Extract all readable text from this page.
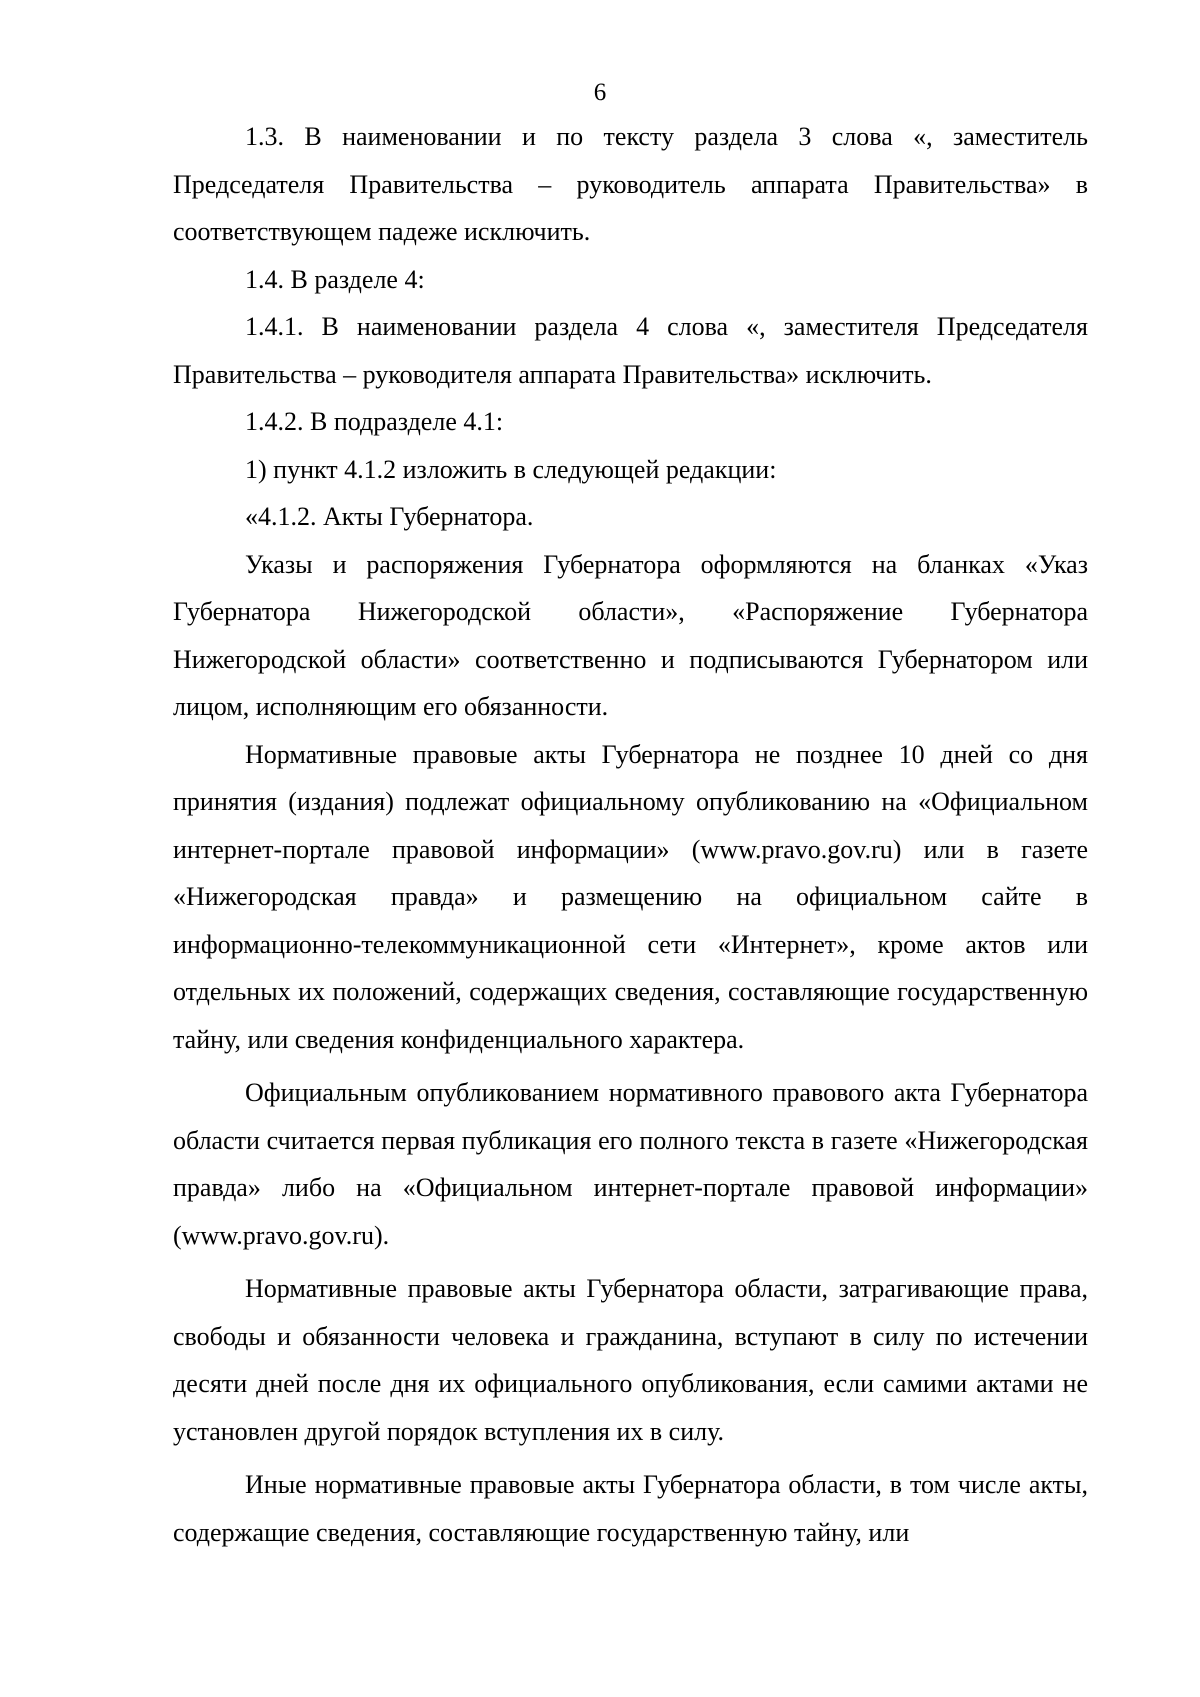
6

1.3. В наименовании и по тексту раздела 3 слова «, заместитель Председателя Правительства – руководитель аппарата Правительства» в соответствующем падеже исключить.

1.4. В разделе 4:

1.4.1. В наименовании раздела 4 слова «, заместителя Председателя Правительства – руководителя аппарата Правительства» исключить.

1.4.2. В подразделе 4.1:

1) пункт 4.1.2 изложить в следующей редакции:

«4.1.2. Акты Губернатора.

Указы и распоряжения Губернатора оформляются на бланках «Указ Губернатора Нижегородской области», «Распоряжение Губернатора Нижегородской области» соответственно и подписываются Губернатором или лицом, исполняющим его обязанности.

Нормативные правовые акты Губернатора не позднее 10 дней со дня принятия (издания) подлежат официальному опубликованию на «Официальном интернет-портале правовой информации» (www.pravo.gov.ru) или в газете «Нижегородская правда» и размещению на официальном сайте в информационно-телекоммуникационной сети «Интернет», кроме актов или отдельных их положений, содержащих сведения, составляющие государственную тайну, или сведения конфиденциального характера.

Официальным опубликованием нормативного правового акта Губернатора области считается первая публикация его полного текста в газете «Нижегородская правда» либо на «Официальном интернет-портале правовой информации» (www.pravo.gov.ru).

Нормативные правовые акты Губернатора области, затрагивающие права, свободы и обязанности человека и гражданина, вступают в силу по истечении десяти дней после дня их официального опубликования, если самими актами не установлен другой порядок вступления их в силу.

Иные нормативные правовые акты Губернатора области, в том числе акты, содержащие сведения, составляющие государственную тайну, или
